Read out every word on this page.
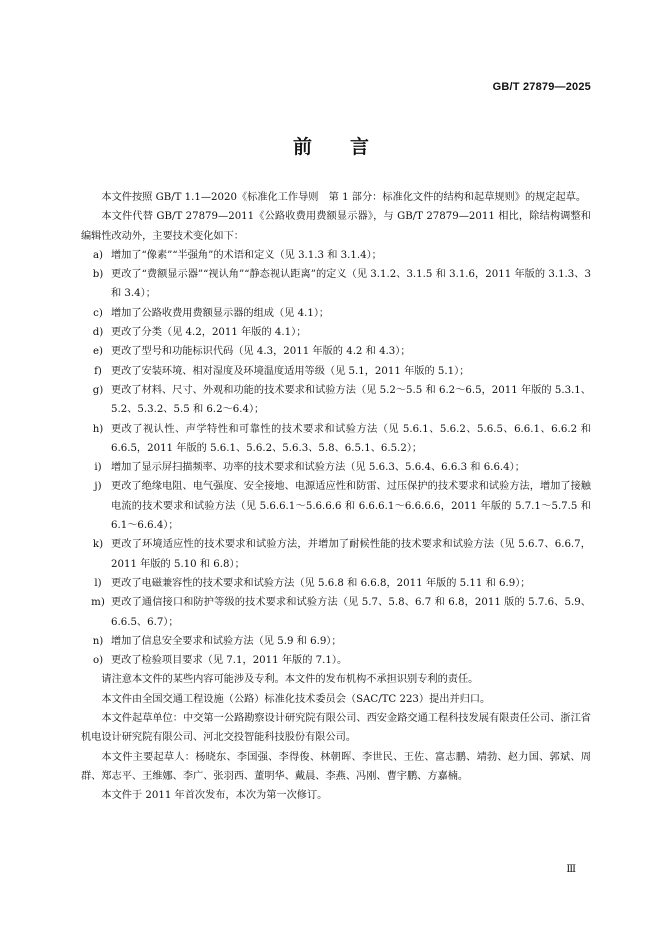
GB/T 27879—2025
前 言

本文件按照 GB/T 1.1—2020《标准化工作导则　第 1 部分：标准化文件的结构和起草规则》的规定起草。

本文件代替 GB/T 27879—2011《公路收费用费额显示器》，与 GB/T 27879—2011 相比，除结构调整和编辑性改动外，主要技术变化如下：

a) 增加了“像素”“半强角”的术语和定义（见 3.1.3 和 3.1.4）；

b) 更改了“费额显示器”“视认角”“静态视认距离”的定义（见 3.1.2、3.1.5 和 3.1.6，2011 年版的 3.1.3、3 和 3.4）；

c) 增加了公路收费用费额显示器的组成（见 4.1）；

d) 更改了分类（见 4.2，2011 年版的 4.1）；

e) 更改了型号和功能标识代码（见 4.3，2011 年版的 4.2 和 4.3）；

f) 更改了安装环境、相对湿度及环境温度适用等级（见 5.1，2011 年版的 5.1）；

g) 更改了材料、尺寸、外观和功能的技术要求和试验方法（见 5.2～5.5 和 6.2～6.5，2011 年版的 5.3.1、5.2、5.3.2、5.5 和 6.2～6.4）；

h) 更改了视认性、声学特性和可靠性的技术要求和试验方法（见 5.6.1、5.6.2、5.6.5、6.6.1、6.6.2 和 6.6.5，2011 年版的 5.6.1、5.6.2、5.6.3、5.8、6.5.1、6.5.2）；

i) 增加了显示屏扫描频率、功率的技术要求和试验方法（见 5.6.3、5.6.4、6.6.3 和 6.6.4）；

j) 更改了绝缘电阻、电气强度、安全接地、电源适应性和防雷、过压保护的技术要求和试验方法，增加了接触电流的技术要求和试验方法（见 5.6.6.1～5.6.6.6 和 6.6.6.1～6.6.6.6，2011 年版的 5.7.1～5.7.5 和 6.1～6.6.4）；

k) 更改了环境适应性的技术要求和试验方法，并增加了耐候性能的技术要求和试验方法（见 5.6.7、6.6.7，2011 年版的 5.10 和 6.8）；

l) 更改了电磁兼容性的技术要求和试验方法（见 5.6.8 和 6.6.8，2011 年版的 5.11 和 6.9）；

m) 更改了通信接口和防护等级的技术要求和试验方法（见 5.7、5.8、6.7 和 6.8，2011 版的 5.7.6、5.9、6.6.5、6.7）；

n) 增加了信息安全要求和试验方法（见 5.9 和 6.9）；

o) 更改了检验项目要求（见 7.1，2011 年版的 7.1）。

请注意本文件的某些内容可能涉及专利。本文件的发布机构不承担识别专利的责任。

本文件由全国交通工程设施（公路）标准化技术委员会（SAC/TC 223）提出并归口。

本文件起草单位：中交第一公路勘察设计研究院有限公司、西安金路交通工程科技发展有限责任公司、浙江省机电设计研究院有限公司、河北交投智能科技股份有限公司。

本文件主要起草人：杨晓东、李国强、李得俊、林朝晖、李世民、王佐、富志鹏、靖勃、赵力国、郭斌、周群、郑志平、王维娜、李广、张羽西、董明华、戴晨、李燕、冯刚、曹宇鹏、方嘉楠。

本文件于 2011 年首次发布，本次为第一次修订。

Ⅲ
